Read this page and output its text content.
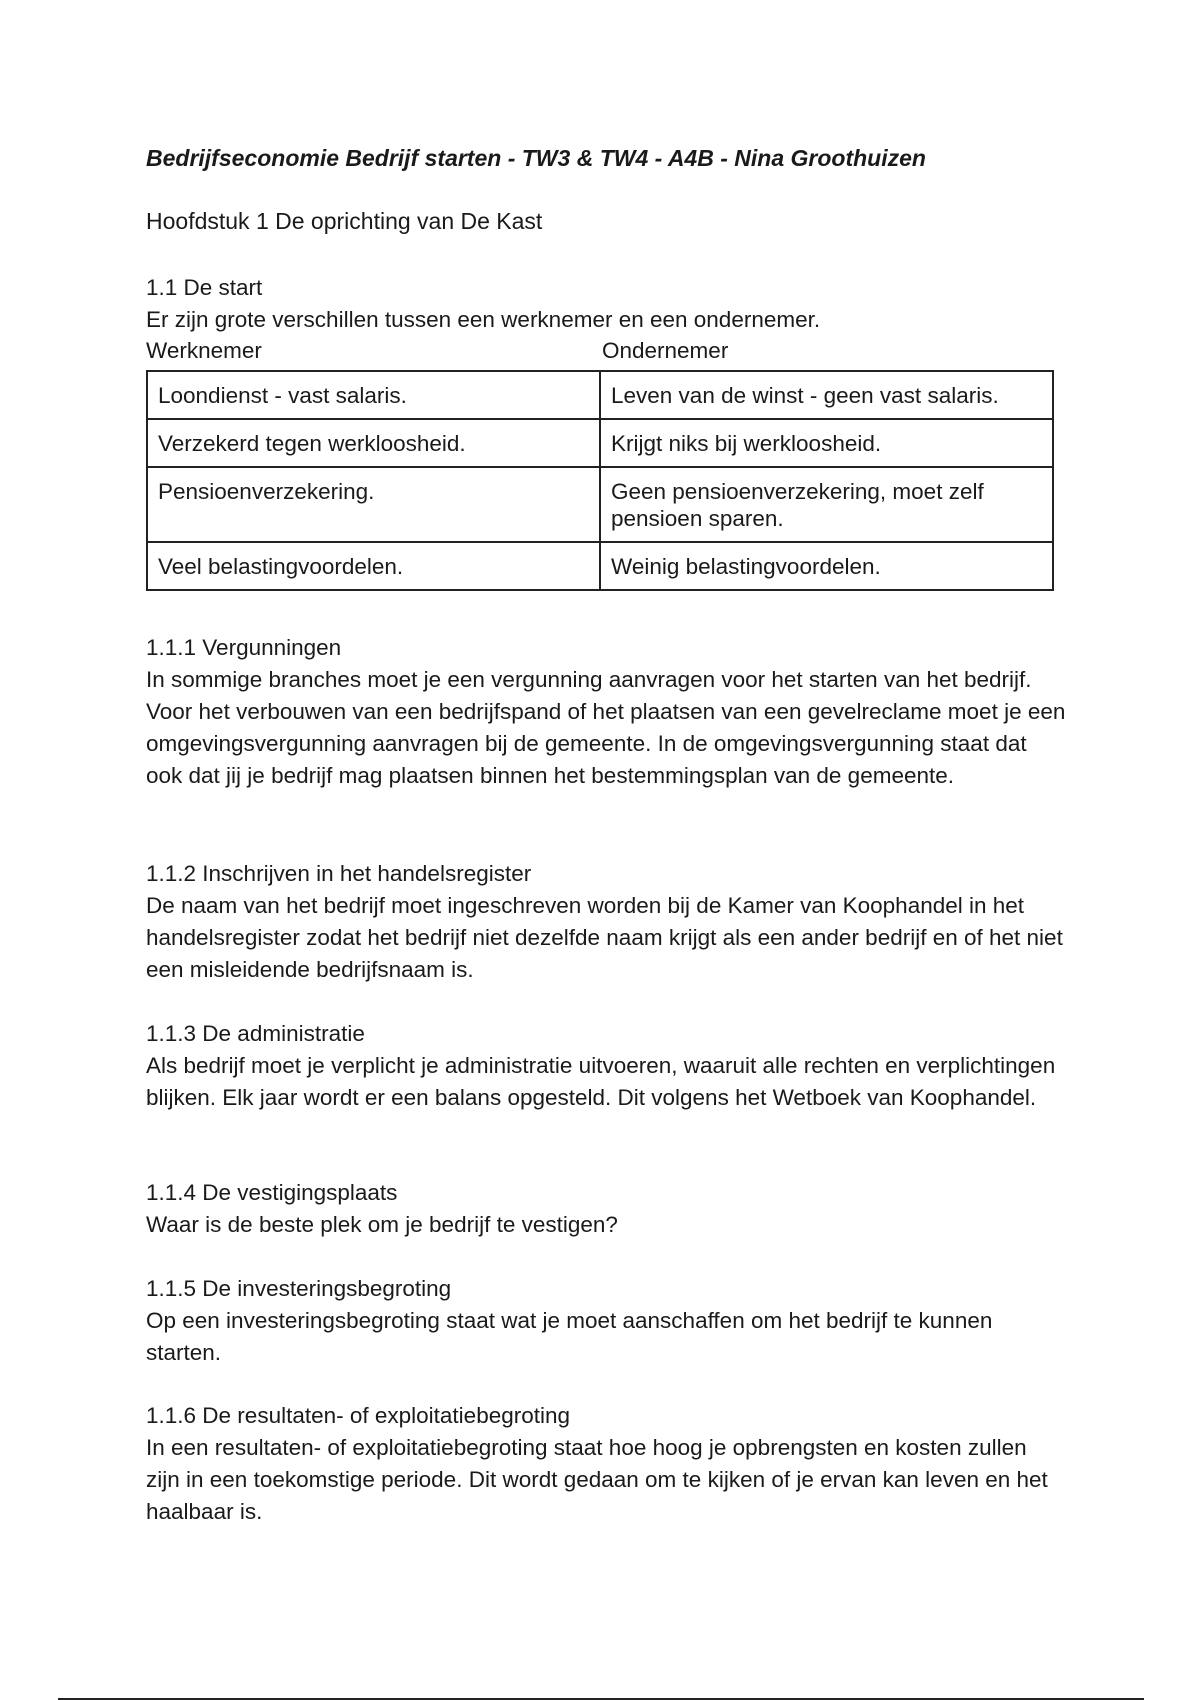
Bedrijfseconomie Bedrijf starten - TW3 & TW4 - A4B - Nina Groothuizen
Hoofdstuk 1 De oprichting van De Kast
1.1 De start

Er zijn grote verschillen tussen een werknemer en een ondernemer.

Werknemer	Ondernemer
Loondienst - vast salaris.	Leven van de winst - geen vast salaris.
Verzekerd tegen werkloosheid.	Krijgt niks bij werkloosheid.
Pensioenverzekering.	Geen pensioenverzekering, moet zelf pensioen sparen.
Veel belastingvoordelen.	Weinig belastingvoordelen.
1.1.1 Vergunningen

In sommige branches moet je een vergunning aanvragen voor het starten van het bedrijf. Voor het verbouwen van een bedrijfspand of het plaatsen van een gevelreclame moet je een omgevingsvergunning aanvragen bij de gemeente. In de omgevingsvergunning staat dat ook dat jij je bedrijf mag plaatsen binnen het bestemmingsplan van de gemeente.

1.1.2 Inschrijven in het handelsregister

De naam van het bedrijf moet ingeschreven worden bij de Kamer van Koophandel in het handelsregister zodat het bedrijf niet dezelfde naam krijgt als een ander bedrijf en of het niet een misleidende bedrijfsnaam is.

1.1.3 De administratie

Als bedrijf moet je verplicht je administratie uitvoeren, waaruit alle rechten en verplichtingen blijken. Elk jaar wordt er een balans opgesteld. Dit volgens het Wetboek van Koophandel.

1.1.4 De vestigingsplaats

Waar is de beste plek om je bedrijf te vestigen?

1.1.5 De investeringsbegroting

Op een investeringsbegroting staat wat je moet aanschaffen om het bedrijf te kunnen starten.

1.1.6 De resultaten- of exploitatiebegroting

In een resultaten- of exploitatiebegroting staat hoe hoog je opbrengsten en kosten zullen zijn in een toekomstige periode. Dit wordt gedaan om te kijken of je ervan kan leven en het haalbaar is.
